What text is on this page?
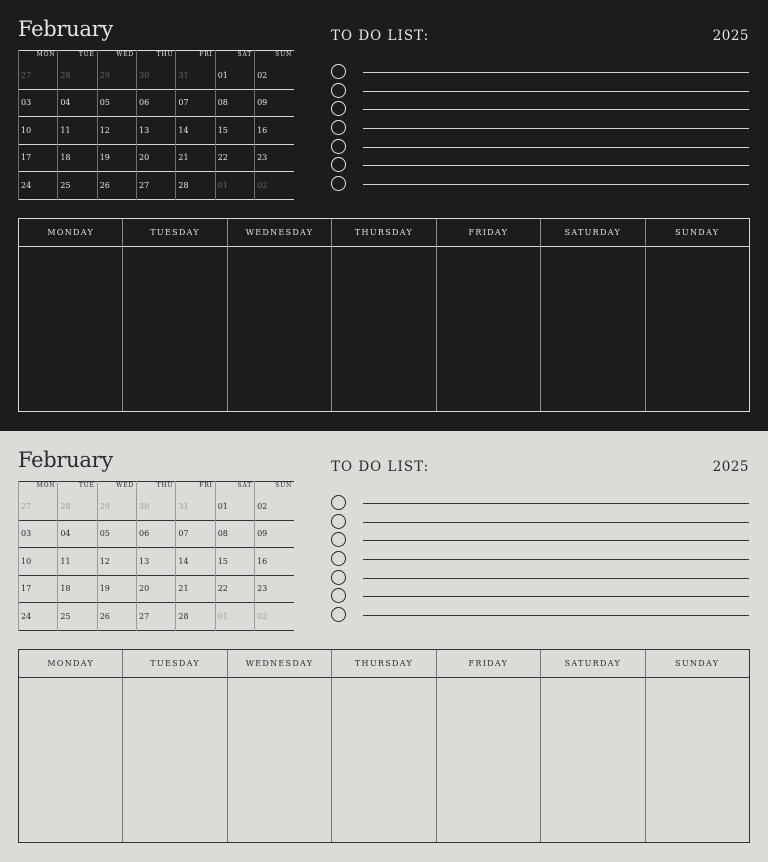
February
MON	TUE	WED	THU	FRI	SAT	SUN
27	28	29	30	31	01	02
03	04	05	06	07	08	09
10	11	12	13	14	15	16
17	18	19	20	21	22	23
24	25	26	27	28	01	02
TO DO LIST:	2025
MONDAY	TUESDAY	WEDNESDAY	THURSDAY	FRIDAY	SATURDAY	SUNDAY
February
MON	TUE	WED	THU	FRI	SAT	SUN
27	28	29	30	31	01	02
03	04	05	06	07	08	09
10	11	12	13	14	15	16
17	18	19	20	21	22	23
24	25	26	27	28	01	02
TO DO LIST:	2025
MONDAY	TUESDAY	WEDNESDAY	THURSDAY	FRIDAY	SATURDAY	SUNDAY
